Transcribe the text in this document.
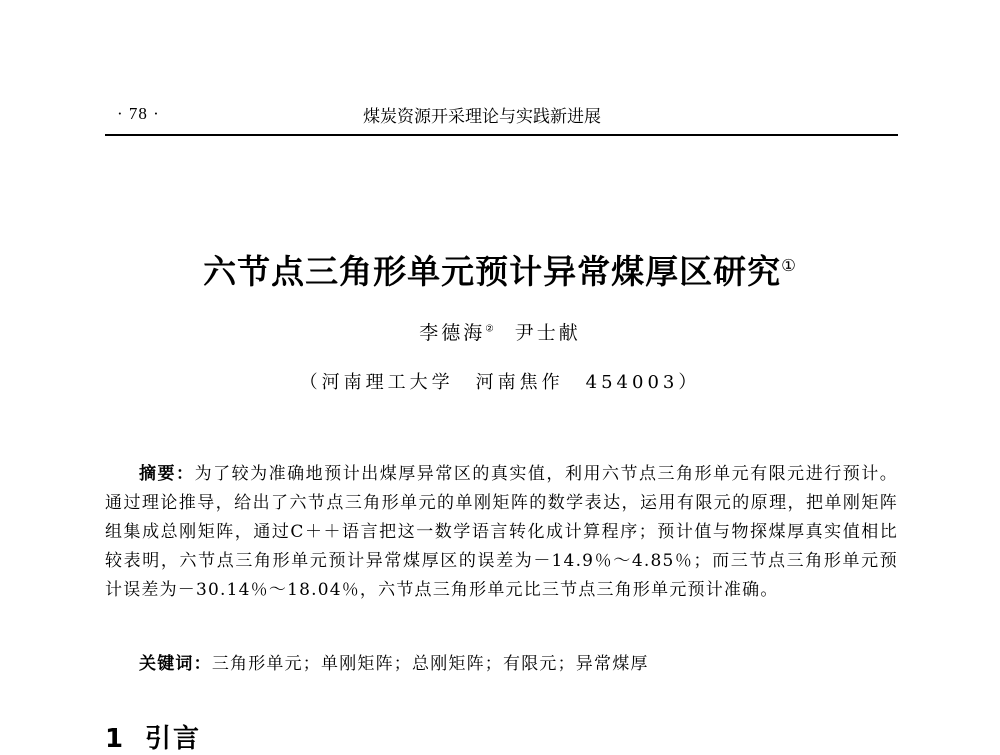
· 78 ·	煤炭资源开采理论与实践新进展
六节点三角形单元预计异常煤厚区研究①
李德海② 尹士献
（河南理工大学　河南焦作　454003）
摘要：为了较为准确地预计出煤厚异常区的真实值，利用六节点三角形单元有限元进行预计。通过理论推导，给出了六节点三角形单元的单刚矩阵的数学表达，运用有限元的原理，把单刚矩阵组集成总刚矩阵，通过C＋＋语言把这一数学语言转化成计算程序；预计值与物探煤厚真实值相比较表明，六节点三角形单元预计异常煤厚区的误差为－14.9％～4.85％；而三节点三角形单元预计误差为－30.14％～18.04％，六节点三角形单元比三节点三角形单元预计准确。
关键词：三角形单元；单刚矩阵；总刚矩阵；有限元；异常煤厚
1 引言
